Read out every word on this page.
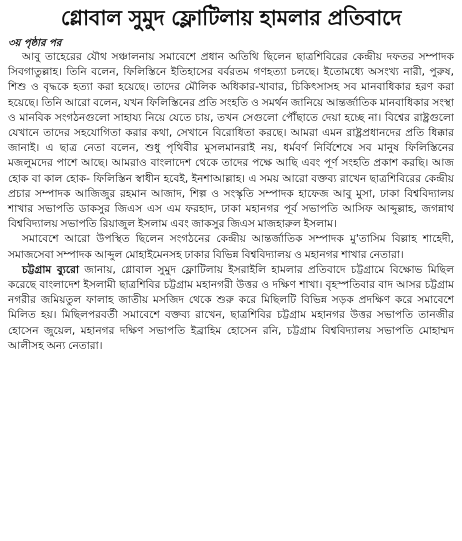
গ্লোবাল সুমুদ ফ্লোটিলায় হামলার প্রতিবাদে
৩য় পৃষ্ঠার পর

আবু তাহেরের যৌথ সঞ্চালনায় সমাবেশে প্রধান অতিথি ছিলেন ছাত্রশিবিরের কেন্দ্রীয় দফতর সম্পাদক সিবগাতুল্লাহ। তিনি বলেন, ফিলিস্তিনে ইতিহাসের বর্বরতম গণহত্যা চলছে। ইতোমধ্যে অসংখ্য নারী, পুরুষ, শিশু ও বৃদ্ধকে হত্যা করা হয়েছে। তাদের মৌলিক অধিকার-খাবার, চিকিৎসাসহ সব মানবাধিকার হরণ করা হয়েছে। তিনি আরো বলেন, যখন ফিলিস্তিনের প্রতি সংহতি ও সমর্থন জানিয়ে আন্তর্জাতিক মানবাধিকার সংস্থা ও মানবিক সংগঠনগুলো সাহায্য নিয়ে যেতে চায়, তখন সেগুলো পৌঁছাতে দেয়া হচ্ছে না। বিশ্বের রাষ্ট্রগুলো যেখানে তাদের সহযোগিতা করার কথা, সেখানে বিরোধিতা করছে। আমরা এমন রাষ্ট্রপ্রধানদের প্রতি ধিক্কার জানাই। এ ছাত্র নেতা বলেন, শুধু পৃথিবীর মুসলমানরাই নয়, ধর্মবর্ণ নির্বিশেষে সব মানুষ ফিলিস্তিনের মজলুমদের পাশে আছে। আমরাও বাংলাদেশ থেকে তাদের পক্ষে আছি এবং পূর্ণ সংহতি প্রকাশ করছি। আজ হোক বা কাল হোক- ফিলিস্তিন স্বাধীন হবেই, ইনশাআল্লাহ। এ সময় আরো বক্তব্য রাখেন ছাত্রশিবিরের কেন্দ্রীয় প্রচার সম্পাদক আজিজুর রহমান আজাদ, শিল্প ও সংস্কৃতি সম্পাদক হাফেজ আবু মুসা, ঢাকা বিশ্ববিদ্যালয় শাখার সভাপতি ডাকসুর জিএস এস এম ফরহাদ, ঢাকা মহানগর পূর্ব সভাপতি আসিফ আব্দুল্লাহ, জগন্নাথ বিশ্ববিদ্যালয় সভাপতি রিয়াজুল ইসলাম এবং জাকসুর জিএস মাজহারুল ইসলাম।

সমাবেশে আরো উপস্থিত ছিলেন সংগঠনের কেন্দ্রীয় আন্তর্জাতিক সম্পাদক মু'তাসিম বিল্লাহ শাহেদী, সমাজসেবা সম্পাদক আব্দুল মোহাইমেনসহ ঢাকার বিভিন্ন বিশ্ববিদ্যালয় ও মহানগর শাখার নেতারা।

চট্টগ্রাম ব্যুরো জানায়, গ্লোবাল সুমুদ ফ্লোটিলায় ইসরাইলি হামলার প্রতিবাদে চট্টগ্রামে বিক্ষোভ মিছিল করেছে বাংলাদেশ ইসলামী ছাত্রশিবির চট্টগ্রাম মহানগরী উত্তর ও দক্ষিণ শাখা। বৃহস্পতিবার বাদ আসর চট্টগ্রাম নগরীর জমিয়তুল ফালাহ জাতীয় মসজিদ থেকে শুরু করে মিছিলটি বিভিন্ন সড়ক প্রদক্ষিণ করে সমাবেশে মিলিত হয়। মিছিলপরবর্তী সমাবেশে বক্তব্য রাখেন, ছাত্রশিবির চট্টগ্রাম মহানগর উত্তর সভাপতি তানজীর হোসেন জুয়েল, মহানগর দক্ষিণ সভাপতি ইব্রাহিম হোসেন রনি, চট্টগ্রাম বিশ্ববিদ্যালয় সভাপতি মোহাম্মদ আলীসহ অন্য নেতারা।
